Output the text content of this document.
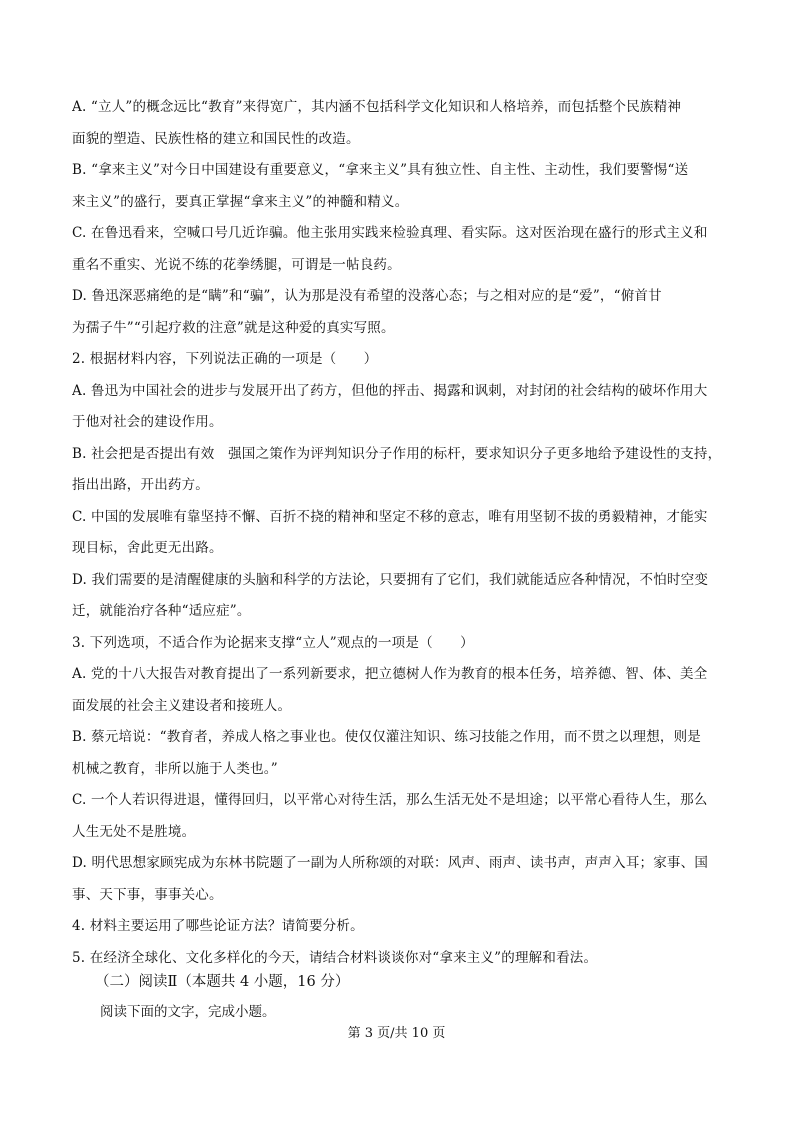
A. “立人”的概念远比“教育”来得宽广，其内涵不包括科学文化知识和人格培养，而包括整个民族精神
面貌的塑造、民族性格的建立和国民性的改造。
B. “拿来主义”对今日中国建设有重要意义，“拿来主义”具有独立性、自主性、主动性，我们要警惕“送
来主义”的盛行，要真正掌握“拿来主义”的神髓和精义。
C. 在鲁迅看来，空喊口号几近诈骗。他主张用实践来检验真理、看实际。这对医治现在盛行的形式主义和
重名不重实、光说不练的花拳绣腿，可谓是一帖良药。
D. 鲁迅深恶痛绝的是“瞒”和“骗”，认为那是没有希望的没落心态；与之相对应的是“爱”，“俯首甘
为孺子牛”“引起疗救的注意”就是这种爱的真实写照。
2. 根据材料内容，下列说法正确的一项是（　　）
A. 鲁迅为中国社会的进步与发展开出了药方，但他的抨击、揭露和讽刺，对封闭的社会结构的破坏作用大
于他对社会的建设作用。
B. 社会把是否提出有效　强国之策作为评判知识分子作用的标杆，要求知识分子更多地给予建设性的支持，
指出出路，开出药方。
C. 中国的发展唯有靠坚持不懈、百折不挠的精神和坚定不移的意志，唯有用坚韧不拔的勇毅精神，才能实
现目标，舍此更无出路。
D. 我们需要的是清醒健康的头脑和科学的方法论，只要拥有了它们，我们就能适应各种情况，不怕时空变
迁，就能治疗各种“适应症”。
3. 下列选项，不适合作为论据来支撑“立人”观点的一项是（　　）
A. 党的十八大报告对教育提出了一系列新要求，把立德树人作为教育的根本任务，培养德、智、体、美全
面发展的社会主义建设者和接班人。
B. 蔡元培说：“教育者，养成人格之事业也。使仅仅灌注知识、练习技能之作用，而不贯之以理想，则是
机械之教育，非所以施于人类也。”
C. 一个人若识得进退，懂得回归，以平常心对待生活，那么生活无处不是坦途；以平常心看待人生，那么
人生无处不是胜境。
D. 明代思想家顾宪成为东林书院题了一副为人所称颂的对联：风声、雨声、读书声，声声入耳；家事、国
事、天下事，事事关心。
4. 材料主要运用了哪些论证方法？请简要分析。
5. 在经济全球化、文化多样化的今天，请结合材料谈谈你对“拿来主义”的理解和看法。
（二）阅读Ⅱ（本题共 4 小题，16 分）
阅读下面的文字，完成小题。
第 3 页/共 10 页
